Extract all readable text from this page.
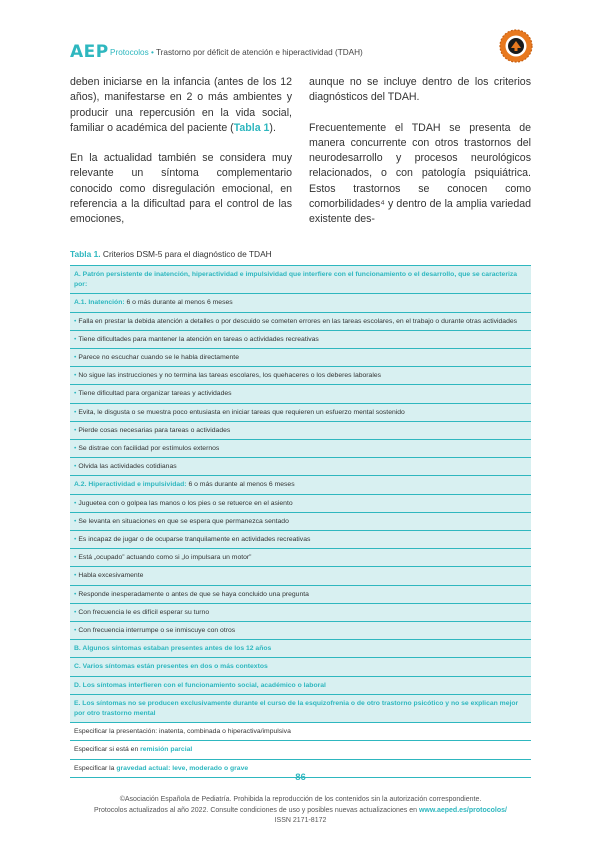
AEP Protocolos • Trastorno por déficit de atención e hiperactividad (TDAH)

deben iniciarse en la infancia (antes de los 12 años), manifestarse en 2 o más ambientes y producir una repercusión en la vida social, familiar o académica del paciente (Tabla 1).

En la actualidad también se considera muy relevante un síntoma complementario conocido como disregulación emocional, en referencia a la dificultad para el control de las emociones,

aunque no se incluye dentro de los criterios diagnósticos del TDAH.

Frecuentemente el TDAH se presenta de manera concurrente con otros trastornos del neurodesarrollo y procesos neurológicos relacionados, o con patología psiquiátrica. Estos trastornos se conocen como comorbilidades⁴ y dentro de la amplia variedad existente des-

Tabla 1. Criterios DSM-5 para el diagnóstico de TDAH
A. Patrón persistente de inatención, hiperactividad e impulsividad que interfiere con el funcionamiento o el desarrollo, que se caracteriza por:
A.1. Inatención: 6 o más durante al menos 6 meses
• Falla en prestar la debida atención a detalles o por descuido se cometen errores en las tareas escolares, en el trabajo o durante otras actividades
• Tiene dificultades para mantener la atención en tareas o actividades recreativas
• Parece no escuchar cuando se le habla directamente
• No sigue las instrucciones y no termina las tareas escolares, los quehaceres o los deberes laborales
• Tiene dificultad para organizar tareas y actividades
• Evita, le disgusta o se muestra poco entusiasta en iniciar tareas que requieren un esfuerzo mental sostenido
• Pierde cosas necesarias para tareas o actividades
• Se distrae con facilidad por estímulos externos
• Olvida las actividades cotidianas
A.2. Hiperactividad e impulsividad: 6 o más durante al menos 6 meses
• Juguetea con o golpea las manos o los pies o se retuerce en el asiento
• Se levanta en situaciones en que se espera que permanezca sentado
• Es incapaz de jugar o de ocuparse tranquilamente en actividades recreativas
• Está „ocupado” actuando como si „lo impulsara un motor”
• Habla excesivamente
• Responde inesperadamente o antes de que se haya concluido una pregunta
• Con frecuencia le es difícil esperar su turno
• Con frecuencia interrumpe o se inmiscuye con otros
B. Algunos síntomas estaban presentes antes de los 12 años
C. Varios síntomas están presentes en dos o más contextos
D. Los síntomas interfieren con el funcionamiento social, académico o laboral
E. Los síntomas no se producen exclusivamente durante el curso de la esquizofrenia o de otro trastorno psicótico y no se explican mejor por otro trastorno mental
Especificar la presentación: inatenta, combinada o hiperactiva/impulsiva
Especificar si está en remisión parcial
Especificar la gravedad actual: leve, moderado o grave
86
©Asociación Española de Pediatría. Prohibida la reproducción de los contenidos sin la autorización correspondiente.
Protocolos actualizados al año 2022. Consulte condiciones de uso y posibles nuevas actualizaciones en www.aeped.es/protocolos/
ISSN 2171-8172
